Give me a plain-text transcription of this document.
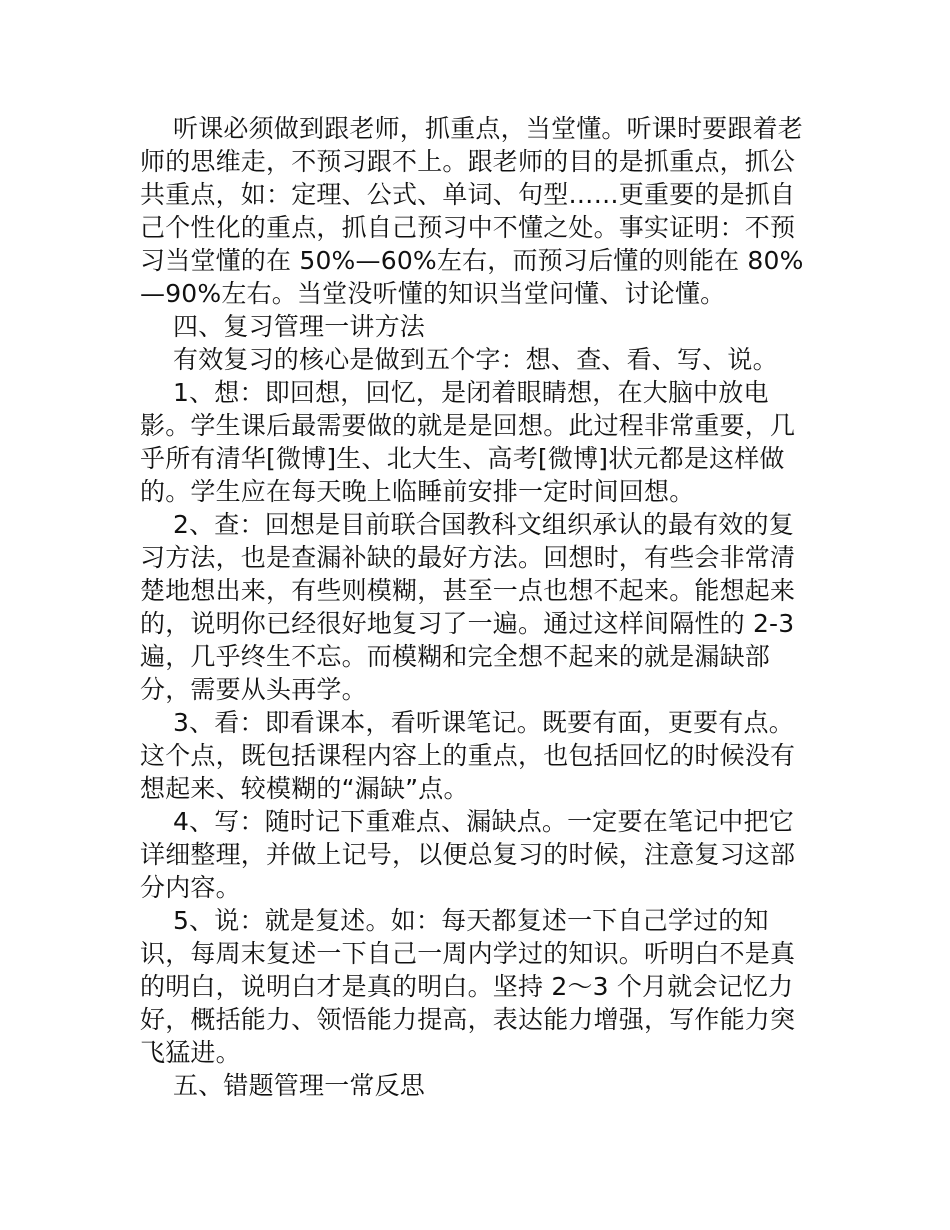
听课必须做到跟老师，抓重点，当堂懂。听课时要跟着老师的思维走，不预习跟不上。跟老师的目的是抓重点，抓公共重点，如：定理、公式、单词、句型……更重要的是抓自己个性化的重点，抓自己预习中不懂之处。事实证明：不预习当堂懂的在 50%—60%左右，而预习后懂的则能在 80%—90%左右。当堂没听懂的知识当堂问懂、讨论懂。

四、复习管理一讲方法

有效复习的核心是做到五个字：想、查、看、写、说。

1、想：即回想，回忆，是闭着眼睛想，在大脑中放电影。学生课后最需要做的就是是回想。此过程非常重要，几乎所有清华[微博]生、北大生、高考[微博]状元都是这样做的。学生应在每天晚上临睡前安排一定时间回想。

2、查：回想是目前联合国教科文组织承认的最有效的复习方法，也是查漏补缺的最好方法。回想时，有些会非常清楚地想出来，有些则模糊，甚至一点也想不起来。能想起来的，说明你已经很好地复习了一遍。通过这样间隔性的 2-3 遍，几乎终生不忘。而模糊和完全想不起来的就是漏缺部分，需要从头再学。

3、看：即看课本，看听课笔记。既要有面，更要有点。这个点，既包括课程内容上的重点，也包括回忆的时候没有想起来、较模糊的“漏缺”点。

4、写：随时记下重难点、漏缺点。一定要在笔记中把它详细整理，并做上记号，以便总复习的时候，注意复习这部分内容。

5、说：就是复述。如：每天都复述一下自己学过的知识，每周末复述一下自己一周内学过的知识。听明白不是真的明白，说明白才是真的明白。坚持 2～3 个月就会记忆力好，概括能力、领悟能力提高，表达能力增强，写作能力突飞猛进。

五、错题管理一常反思
